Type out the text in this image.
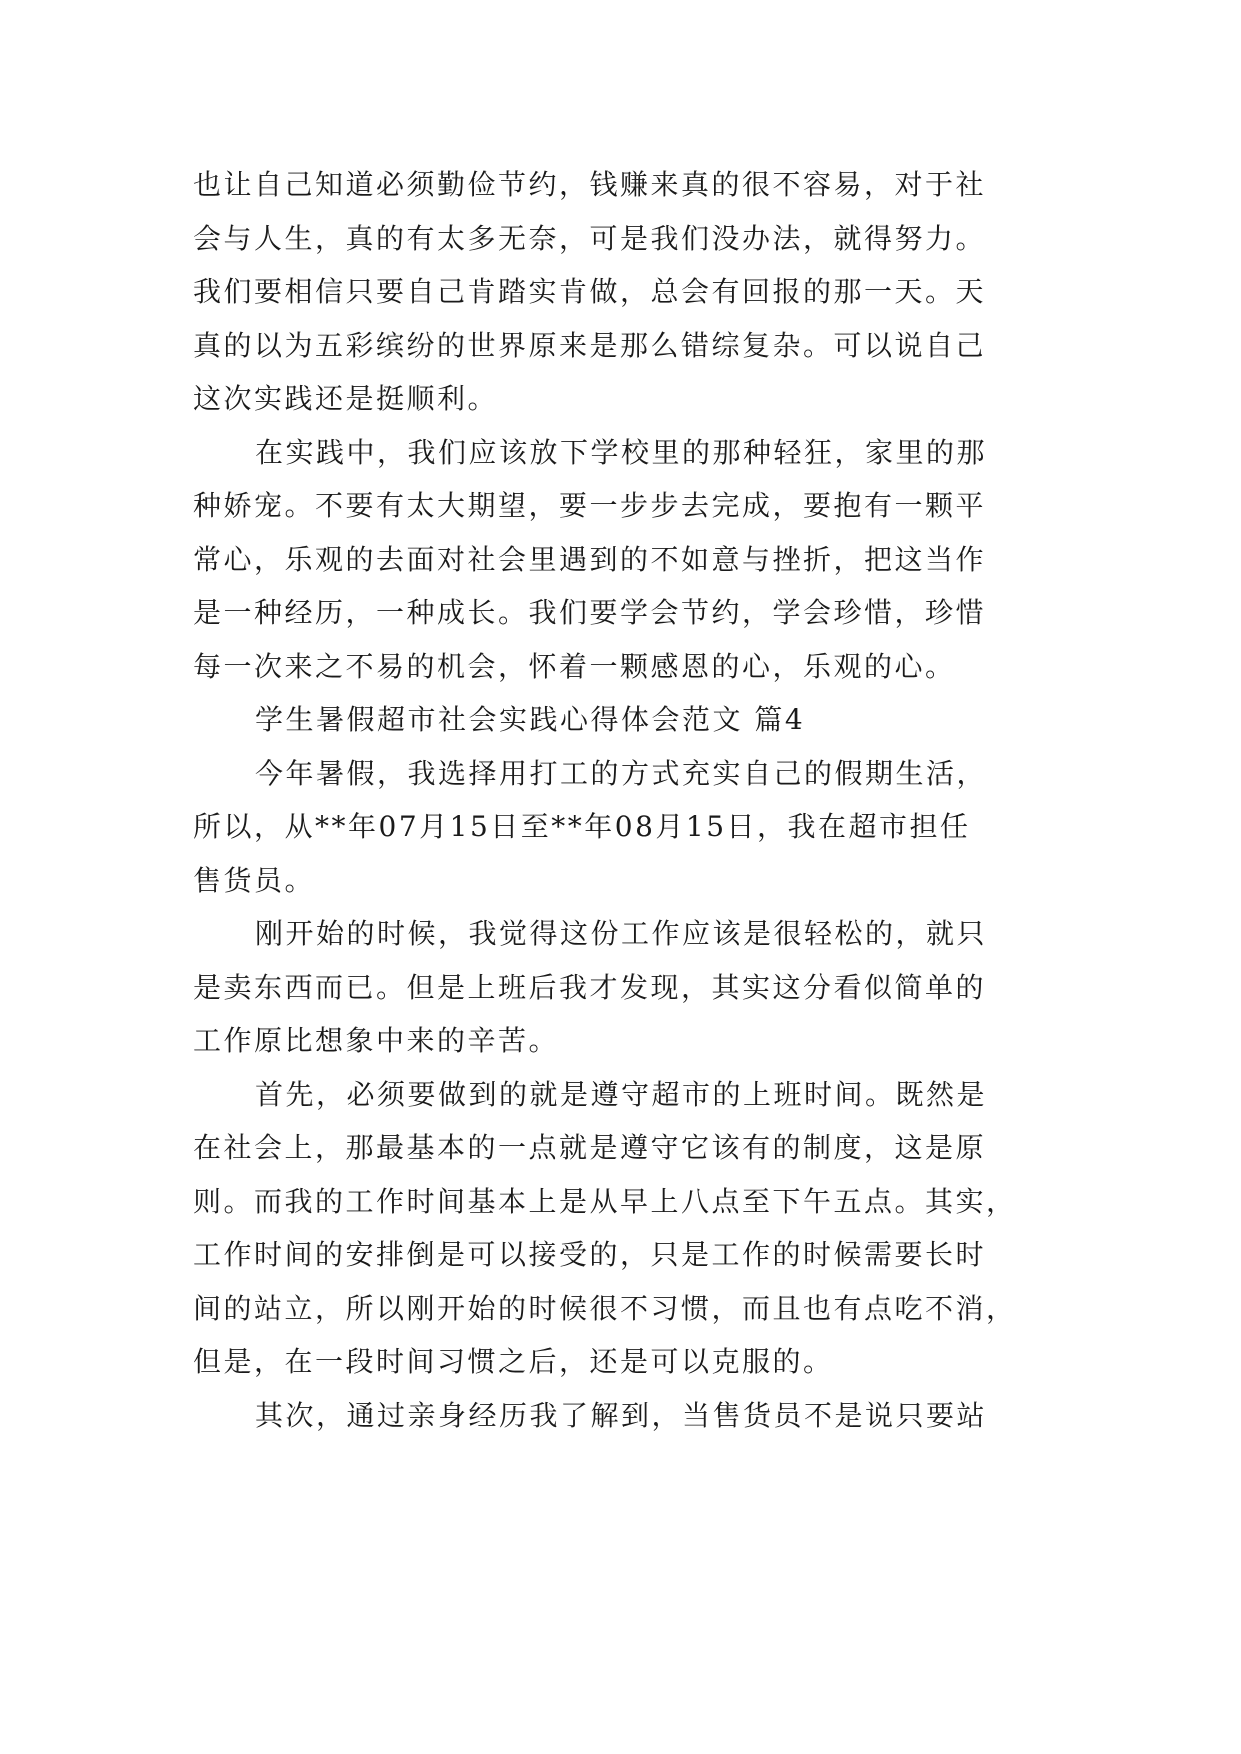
也让自己知道必须勤俭节约，钱赚来真的很不容易，对于社
会与人生，真的有太多无奈，可是我们没办法，就得努力。
我们要相信只要自己肯踏实肯做，总会有回报的那一天。天
真的以为五彩缤纷的世界原来是那么错综复杂。可以说自己
这次实践还是挺顺利。
在实践中，我们应该放下学校里的那种轻狂，家里的那
种娇宠。不要有太大期望，要一步步去完成，要抱有一颗平
常心，乐观的去面对社会里遇到的不如意与挫折，把这当作
是一种经历，一种成长。我们要学会节约，学会珍惜，珍惜
每一次来之不易的机会，怀着一颗感恩的心，乐观的心。
学生暑假超市社会实践心得体会范文 篇4
今年暑假，我选择用打工的方式充实自己的假期生活，
所以，从**年07月15日至**年08月15日，我在超市担任
售货员。
刚开始的时候，我觉得这份工作应该是很轻松的，就只
是卖东西而已。但是上班后我才发现，其实这分看似简单的
工作原比想象中来的辛苦。
首先，必须要做到的就是遵守超市的上班时间。既然是
在社会上，那最基本的一点就是遵守它该有的制度，这是原
则。而我的工作时间基本上是从早上八点至下午五点。其实，
工作时间的安排倒是可以接受的，只是工作的时候需要长时
间的站立，所以刚开始的时候很不习惯，而且也有点吃不消，
但是，在一段时间习惯之后，还是可以克服的。
其次，通过亲身经历我了解到，当售货员不是说只要站
